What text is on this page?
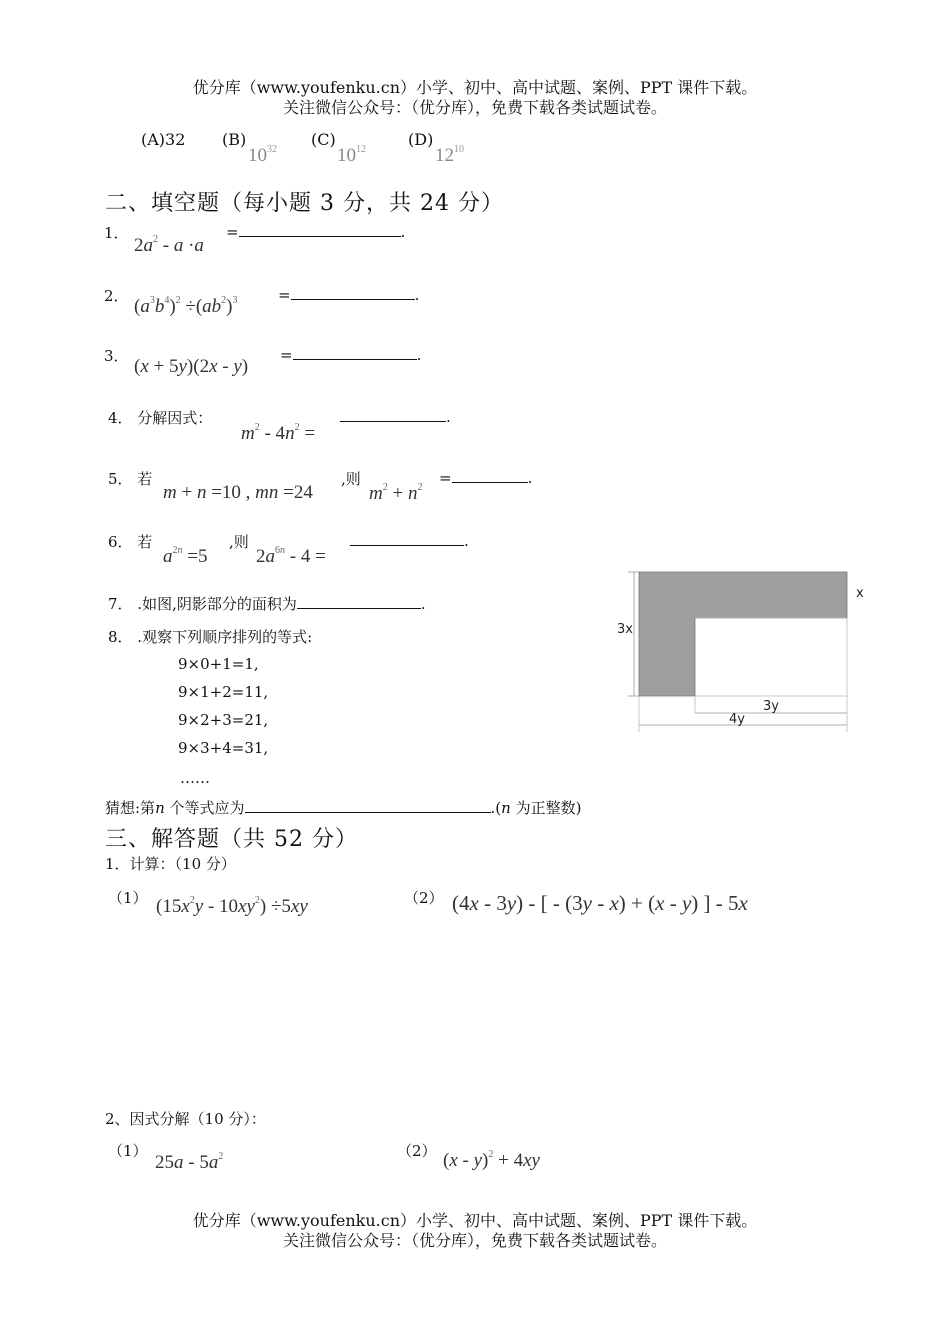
优分库（www.youfenku.cn）小学、初中、高中试题、案例、PPT 课件下载。
关注微信公众号：（优分库），免费下载各类试题试卷。
(A)32 (B)
$10^{32}$
(C)
$10^{12}$
(D)
$12^{10}$
二、填空题（每小题 3 分，共 24 分）
1．
$2a^2 - a \cdot a$
=	.
2． $(a^3b^4)^2 \div(ab^2)^3$	=	.
3． (x + 5y)(2x - y)
=	.
4． 分解因式：
$m^2 - 4n^2$ =
.
5． 若
m + n =10 , mn =24
,则
$m^2 + n^2$
=	.
6． 若
$a^{2n} =5$
,则
$2a^{6n} - 4$ =
.
7． .如图,阴影部分的面积为	.
8． .观察下列顺序排列的等式:
9×0+1=1,
9×1+2=11,
9×2+3=21,
9×3+4=31,
……
猜想:第n 个等式应为	.(n 为正整数)
x
3x
3y
4y
三、解答题（共 52 分）
1．计算：（10 分）
（1） $(15x^2y - 10xy^2) \div 5xy$	（2） (4x - 3y) - [ - (3y - x) + (x - y) ] - 5x
2、因式分解（10 分）：
（1）
$25a - 5a^2$	（2） (x - y)$^2$ + 4xy
优分库（www.youfenku.cn）小学、初中、高中试题、案例、PPT 课件下载。
关注微信公众号：（优分库），免费下载各类试题试卷。
